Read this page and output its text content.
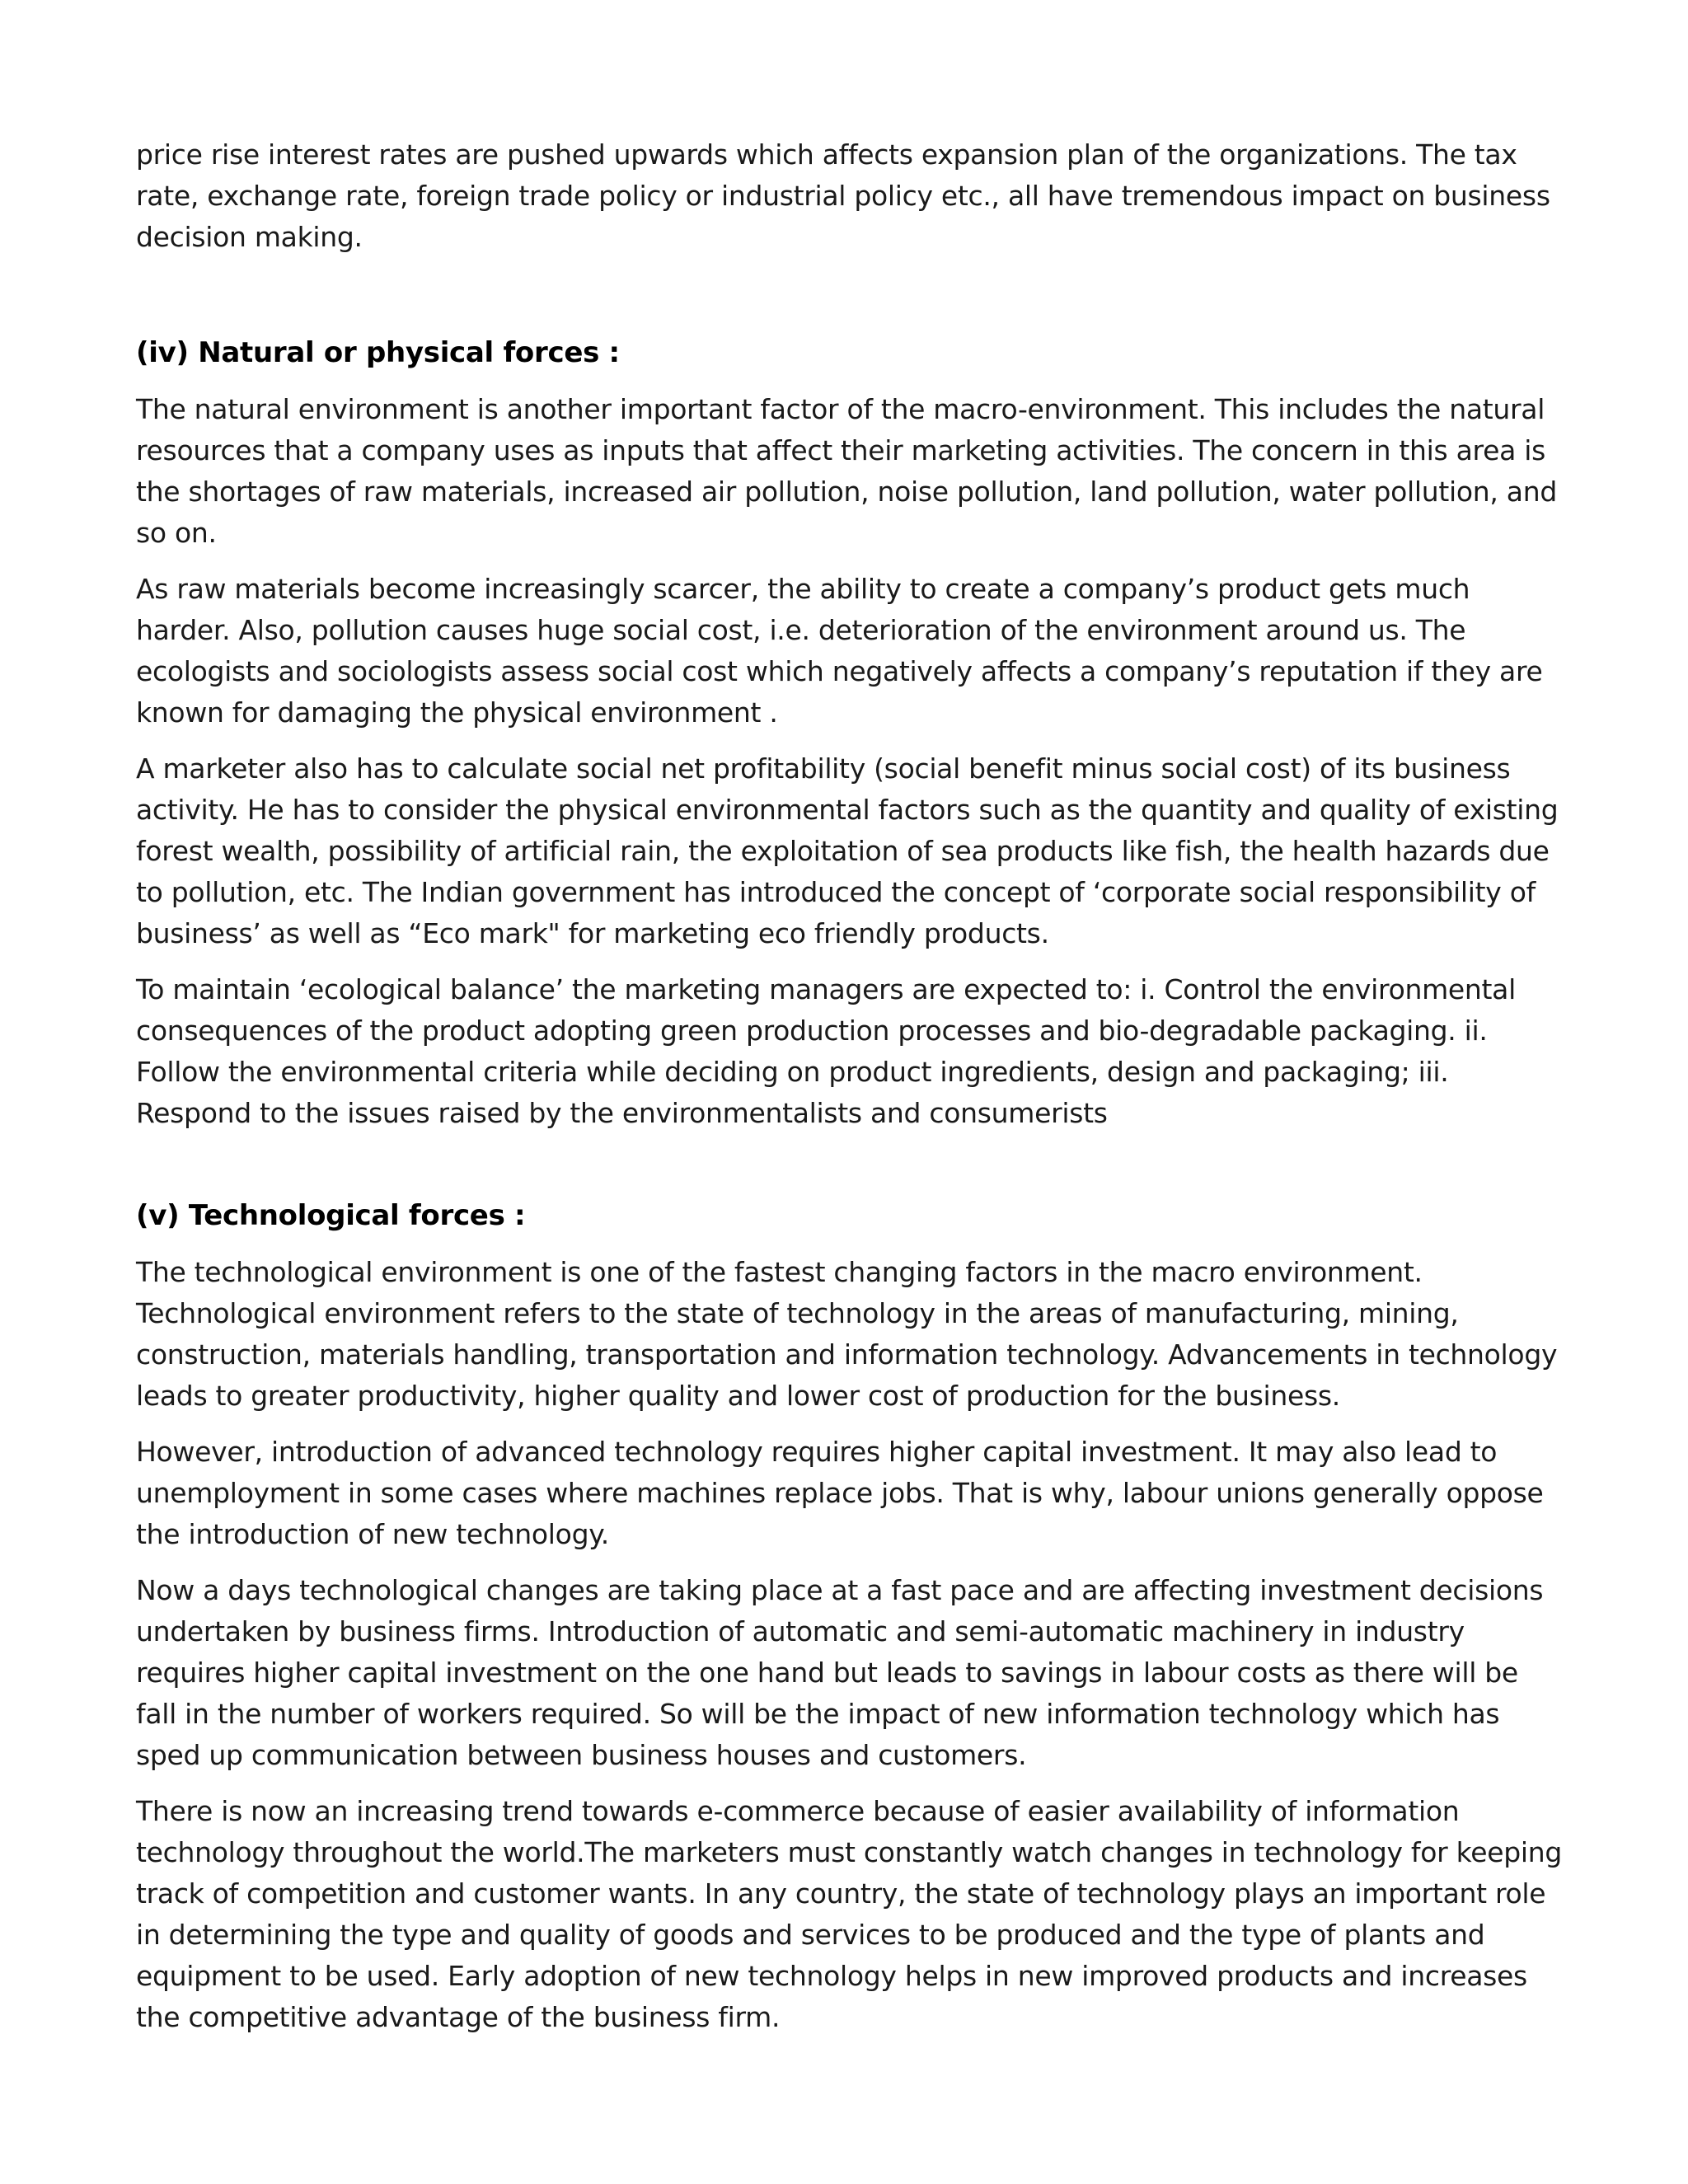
price rise interest rates are pushed upwards which affects expansion plan of the organizations. The tax rate, exchange rate, foreign trade policy or industrial policy etc., all have tremendous impact on business decision making.

(iv) Natural or physical forces :

The natural environment is another important factor of the macro-environment. This includes the natural resources that a company uses as inputs that affect their marketing activities. The concern in this area is the shortages of raw materials, increased air pollution, noise pollution, land pollution, water pollution, and so on.

As raw materials become increasingly scarcer, the ability to create a company’s product gets much harder. Also, pollution causes huge social cost, i.e. deterioration of the environment around us. The ecologists and sociologists assess social cost which negatively affects a company’s reputation if they are known for damaging the physical environment .

A marketer also has to calculate social net profitability (social benefit minus social cost) of its business activity. He has to consider the physical environmental factors such as the quantity and quality of existing forest wealth, possibility of artificial rain, the exploitation of sea products like fish, the health hazards due to pollution, etc. The Indian government has introduced the concept of ‘corporate social responsibility of business’ as well as “Eco mark" for marketing eco friendly products.

To maintain ‘ecological balance’ the marketing managers are expected to: i. Control the environmental consequences of the product adopting green production processes and bio-degradable packaging. ii. Follow the environmental criteria while deciding on product ingredients, design and packaging; iii. Respond to the issues raised by the environmentalists and consumerists

(v) Technological forces :

The technological environment is one of the fastest changing factors in the macro environment. Technological environment refers to the state of technology in the areas of manufacturing, mining, construction, materials handling, transportation and information technology. Advancements in technology leads to greater productivity, higher quality and lower cost of production for the business.

However, introduction of advanced technology requires higher capital investment. It may also lead to unemployment in some cases where machines replace jobs. That is why, labour unions generally oppose the introduction of new technology.

Now a days technological changes are taking place at a fast pace and are affecting investment decisions undertaken by business firms. Introduction of automatic and semi-automatic machinery in industry requires higher capital investment on the one hand but leads to savings in labour costs as there will be fall in the number of workers required. So will be the impact of new information technology which has sped up communication between business houses and customers.

There is now an increasing trend towards e-commerce because of easier availability of information technology throughout the world.The marketers must constantly watch changes in technology for keeping track of competition and customer wants. In any country, the state of technology plays an important role in determining the type and quality of goods and services to be produced and the type of plants and equipment to be used. Early adoption of new technology helps in new improved products and increases the competitive advantage of the business firm.
